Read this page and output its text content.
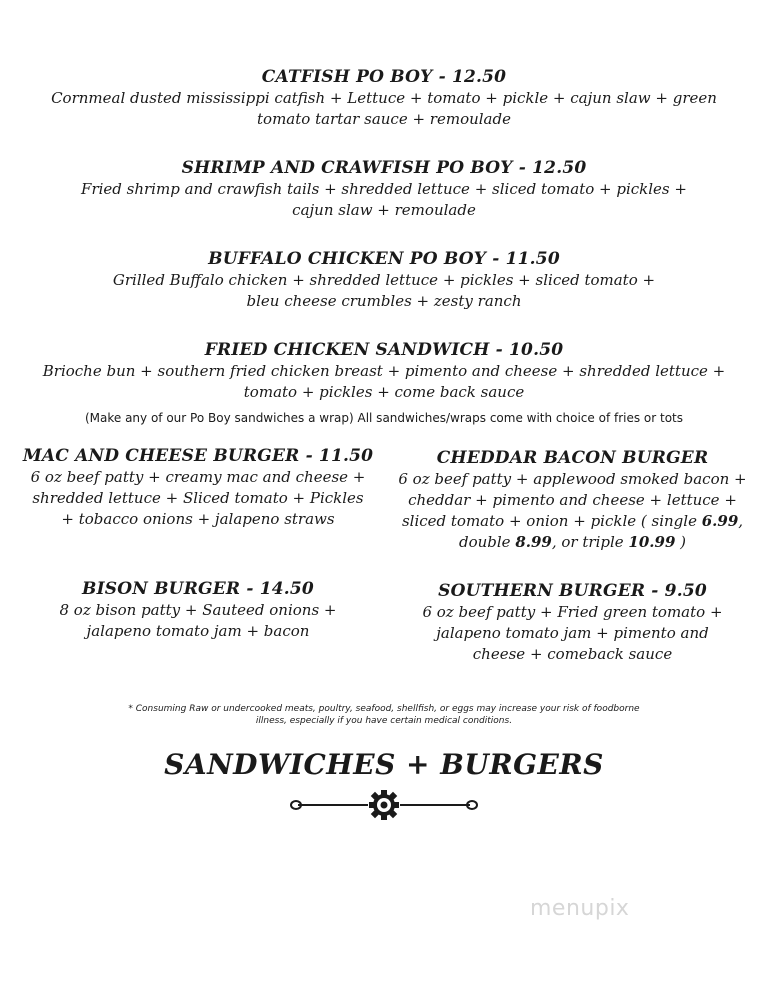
CATFISH PO BOY - 12.50
Cornmeal dusted mississippi catfish + Lettuce + tomato + pickle + cajun slaw + green tomato tartar sauce + remoulade
SHRIMP AND CRAWFISH PO BOY - 12.50
Fried shrimp and crawfish tails + shredded lettuce + sliced tomato + pickles + cajun slaw + remoulade
BUFFALO CHICKEN PO BOY - 11.50
Grilled Buffalo chicken + shredded lettuce + pickles + sliced tomato + bleu cheese crumbles + zesty ranch
FRIED CHICKEN SANDWICH - 10.50
Brioche bun + southern fried chicken breast + pimento and cheese + shredded lettuce + tomato + pickles + come back sauce
(Make any of our Po Boy sandwiches a wrap) All sandwiches/wraps come with choice of fries or tots
MAC AND CHEESE BURGER - 11.50
6 oz beef patty + creamy mac and cheese + shredded lettuce + Sliced tomato + Pickles + tobacco onions + jalapeno straws
CHEDDAR BACON BURGER
6 oz beef patty + applewood smoked bacon + cheddar + pimento and cheese + lettuce + sliced tomato + onion + pickle ( single 6.99, double 8.99, or triple 10.99 )
BISON BURGER - 14.50
8 oz bison patty + Sauteed onions + jalapeno tomato jam + bacon
SOUTHERN BURGER - 9.50
6 oz beef patty + Fried green tomato + jalapeno tomato jam + pimento and cheese + comeback sauce
* Consuming Raw or undercooked meats, poultry, seafood, shellfish, or eggs may increase your risk of foodborne illness, especially if you have certain medical conditions.
SANDWICHES + BURGERS
menupix
